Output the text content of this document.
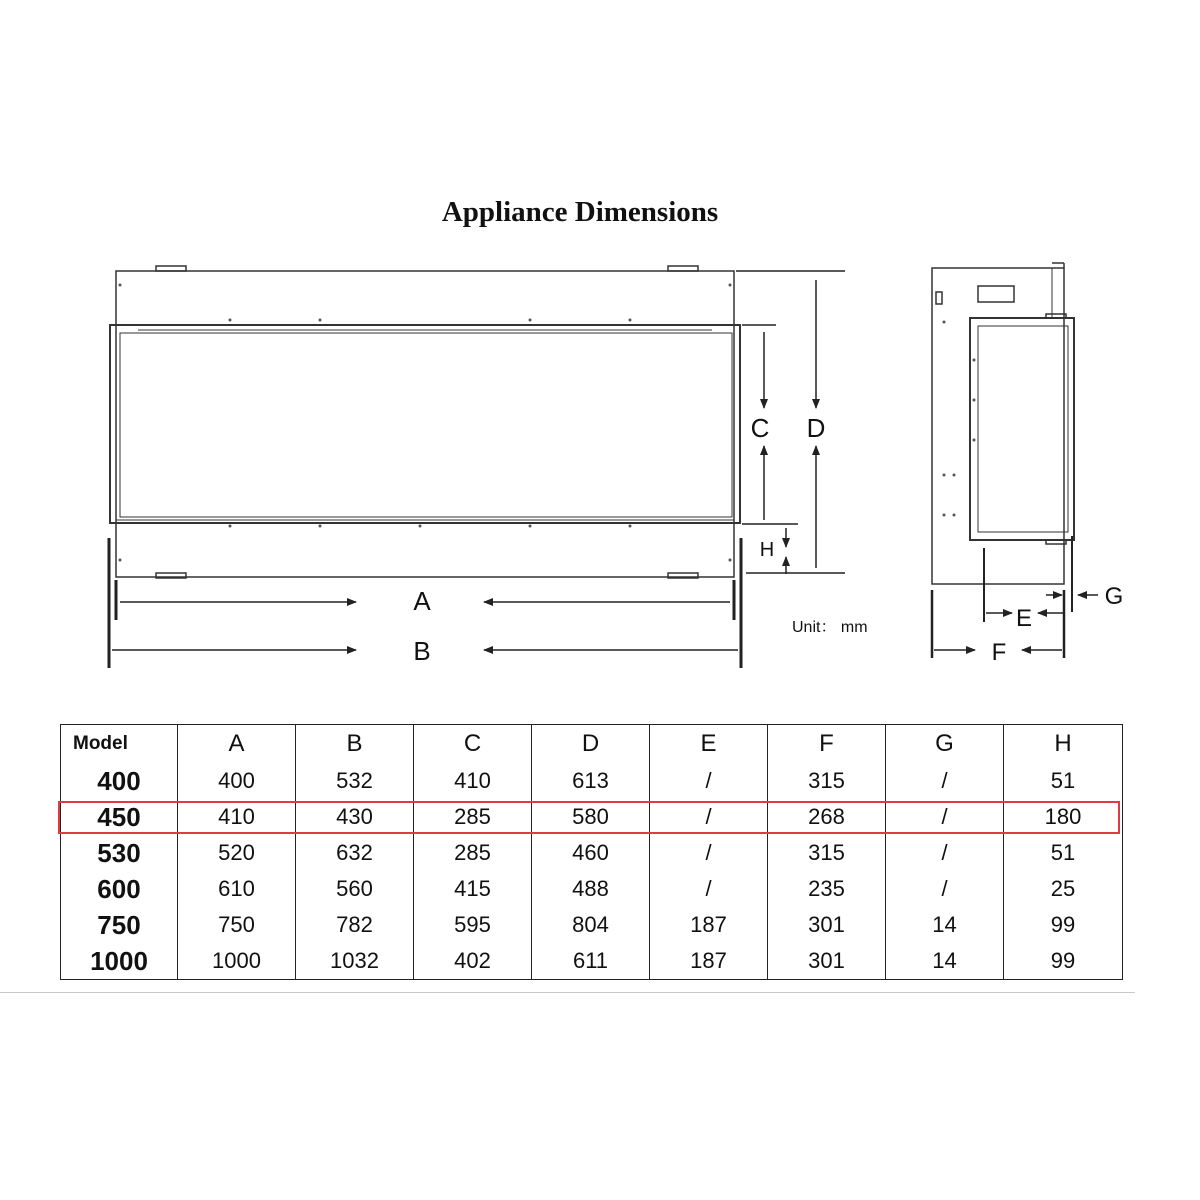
Appliance Dimensions
A
B
C D
H
Unit： mm	E
F
G
Model	A	B	C	D	E	F	G	H
400	400	532	410	613	/	315	/	51
450	410	430	285	580	/	268	/	180
530	520	632	285	460	/	315	/	51
600	610	560	415	488	/	235	/	25
750	750	782	595	804	187	301	14	99
1000	1000	1032	402	611	187	301	14	99
